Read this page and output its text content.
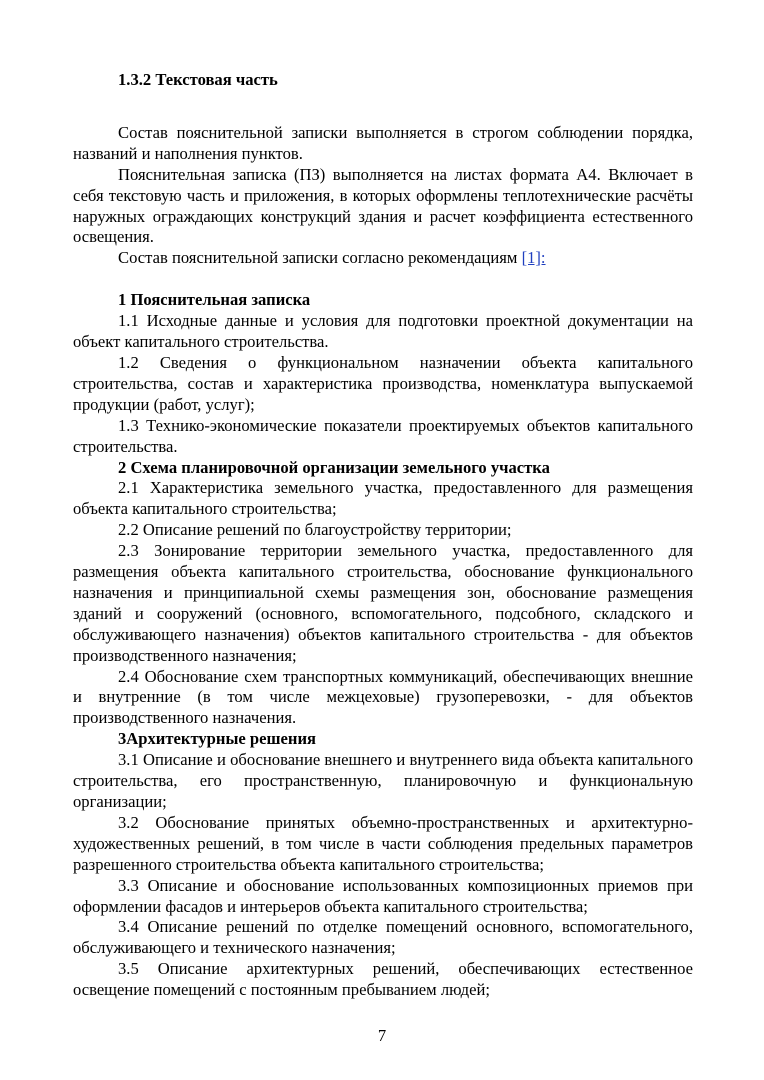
1.3.2 Текстовая часть

Состав пояснительной записки выполняется в строгом соблюдении порядка, названий и наполнения пунктов.

Пояснительная записка (ПЗ) выполняется на листах формата А4. Включает в себя текстовую часть и приложения, в которых оформлены теплотехнические расчёты наружных ограждающих конструкций здания и расчет коэффициента естественного освещения.

Состав пояснительной записки согласно рекомендациям [1]:

1 Пояснительная записка

1.1 Исходные данные и условия для подготовки проектной документации на объект капитального строительства.

1.2 Сведения о функциональном назначении объекта капитального строительства, состав и характеристика производства, номенклатура выпускаемой продукции (работ, услуг);

1.3 Технико-экономические показатели проектируемых объектов капитального строительства.

2 Схема планировочной организации земельного участка

2.1 Характеристика земельного участка, предоставленного для размещения объекта капитального строительства;

2.2 Описание решений по благоустройству территории;

2.3 Зонирование территории земельного участка, предоставленного для размещения объекта капитального строительства, обоснование функционального назначения и принципиальной схемы размещения зон, обоснование размещения зданий и сооружений (основного, вспомогательного, подсобного, складского и обслуживающего назначения) объектов капитального строительства - для объектов производственного назначения;

2.4 Обоснование схем транспортных коммуникаций, обеспечивающих внешние и внутренние (в том числе межцеховые) грузоперевозки, - для объектов производственного назначения.

3Архитектурные решения

3.1 Описание и обоснование внешнего и внутреннего вида объекта капитального строительства, его пространственную, планировочную и функциональную организации;

3.2 Обоснование принятых объемно-пространственных и архитектурно-художественных решений, в том числе в части соблюдения предельных параметров разрешенного строительства объекта капитального строительства;

3.3 Описание и обоснование использованных композиционных приемов при оформлении фасадов и интерьеров объекта капитального строительства;

3.4 Описание решений по отделке помещений основного, вспомогательного, обслуживающего и технического назначения;

3.5 Описание архитектурных решений, обеспечивающих естественное освещение помещений с постоянным пребыванием людей;

7
